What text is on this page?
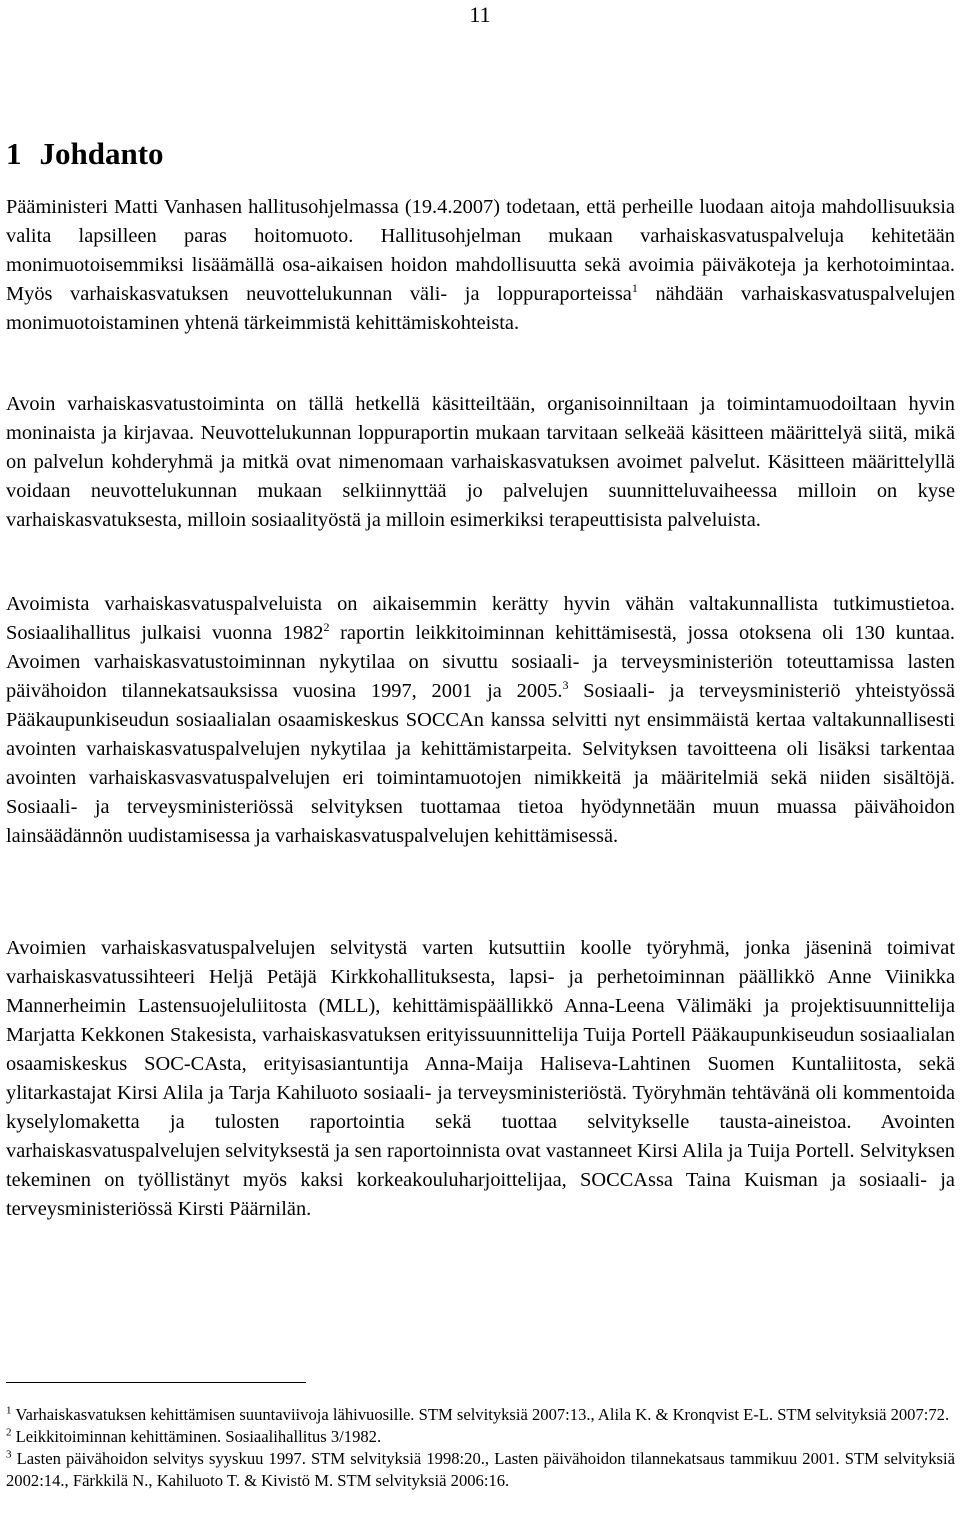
11
1 Johdanto
Pääministeri Matti Vanhasen hallitusohjelmassa (19.4.2007) todetaan, että perheille luodaan aitoja mahdollisuuksia valita lapsilleen paras hoitomuoto. Hallitusohjelman mukaan varhaiskasvatuspalveluja kehitetään monimuotoisemmiksi lisäämällä osa-aikaisen hoidon mahdollisuutta sekä avoimia päiväkoteja ja kerhotoimintaa. Myös varhaiskasvatuksen neuvottelukunnan väli- ja loppuraporteissa$^1$ nähdään varhaiskasvatuspalvelujen monimuotoistaminen yhtenä tärkeimmistä kehittämiskohteista.
Avoin varhaiskasvatustoiminta on tällä hetkellä käsitteiltään, organisoinniltaan ja toimintamuodoiltaan hyvin moninaista ja kirjavaa. Neuvottelukunnan loppuraportin mukaan tarvitaan selkeää käsitteen määrittelyä siitä, mikä on palvelun kohderyhmä ja mitkä ovat nimenomaan varhaiskasvatuksen avoimet palvelut. Käsitteen määrittelyllä voidaan neuvottelukunnan mukaan selkiinnyttää jo palvelujen suunnitteluvaiheessa milloin on kyse varhaiskasvatuksesta, milloin sosiaalityöstä ja milloin esimerkiksi terapeuttisista palveluista.
Avoimista varhaiskasvatuspalveluista on aikaisemmin kerätty hyvin vähän valtakunnallista tutkimustietoa. Sosiaalihallitus julkaisi vuonna 1982$^2$ raportin leikkitoiminnan kehittämisestä, jossa otoksena oli 130 kuntaa. Avoimen varhaiskasvatustoiminnan nykytilaa on sivuttu sosiaali- ja terveysministeriön toteuttamissa lasten päivähoidon tilannekatsauksissa vuosina 1997, 2001 ja 2005.$^3$ Sosiaali- ja terveysministeriö yhteistyössä Pääkaupunkiseudun sosiaalialan osaamiskeskus SOCCAn kanssa selvitti nyt ensimmäistä kertaa valtakunnallisesti avointen varhaiskasvatuspalvelujen nykytilaa ja kehittämistarpeita. Selvityksen tavoitteena oli lisäksi tarkentaa avointen varhaiskasvasvatuspalvelujen eri toimintamuotojen nimikkeitä ja määritelmiä sekä niiden sisältöjä. Sosiaali- ja terveysministeriössä selvityksen tuottamaa tietoa hyödynnetään muun muassa päivähoidon lainsäädännön uudistamisessa ja varhaiskasvatuspalvelujen kehittämisessä.
Avoimien varhaiskasvatuspalvelujen selvitystä varten kutsuttiin koolle työryhmä, jonka jäseninä toimivat varhaiskasvatussihteeri Heljä Petäjä Kirkkohallituksesta, lapsi- ja perhetoiminnan päällikkö Anne Viinikka Mannerheimin Lastensuojeluliitosta (MLL), kehittämispäällikkö Anna-Leena Välimäki ja projektisuunnittelija Marjatta Kekkonen Stakesista, varhaiskasvatuksen erityissuunnittelija Tuija Portell Pääkaupunkiseudun sosiaalialan osaamiskeskus SOC-CAsta, erityisasiantuntija Anna-Maija Haliseva-Lahtinen Suomen Kuntaliitosta, sekä ylitarkastajat Kirsi Alila ja Tarja Kahiluoto sosiaali- ja terveysministeriöstä. Työryhmän tehtävänä oli kommentoida kyselylomaketta ja tulosten raportointia sekä tuottaa selvitykselle tausta-aineistoa. Avointen varhaiskasvatuspalvelujen selvityksestä ja sen raportoinnista ovat vastanneet Kirsi Alila ja Tuija Portell. Selvityksen tekeminen on työllistänyt myös kaksi korkeakouluharjoittelijaa, SOCCAssa Taina Kuisman ja sosiaali- ja terveysministeriössä Kirsti Päärnilän.
$^1$ Varhaiskasvatuksen kehittämisen suuntaviivoja lähivuosille. STM selvityksiä 2007:13., Alila K. & Kronqvist E-L. STM selvityksiä 2007:72.
$^2$ Leikkitoiminnan kehittäminen. Sosiaalihallitus 3/1982.
$^3$ Lasten päivähoidon selvitys syyskuu 1997. STM selvityksiä 1998:20., Lasten päivähoidon tilannekatsaus tammikuu 2001. STM selvityksiä 2002:14., Färkkilä N., Kahiluoto T. & Kivistö M. STM selvityksiä 2006:16.
